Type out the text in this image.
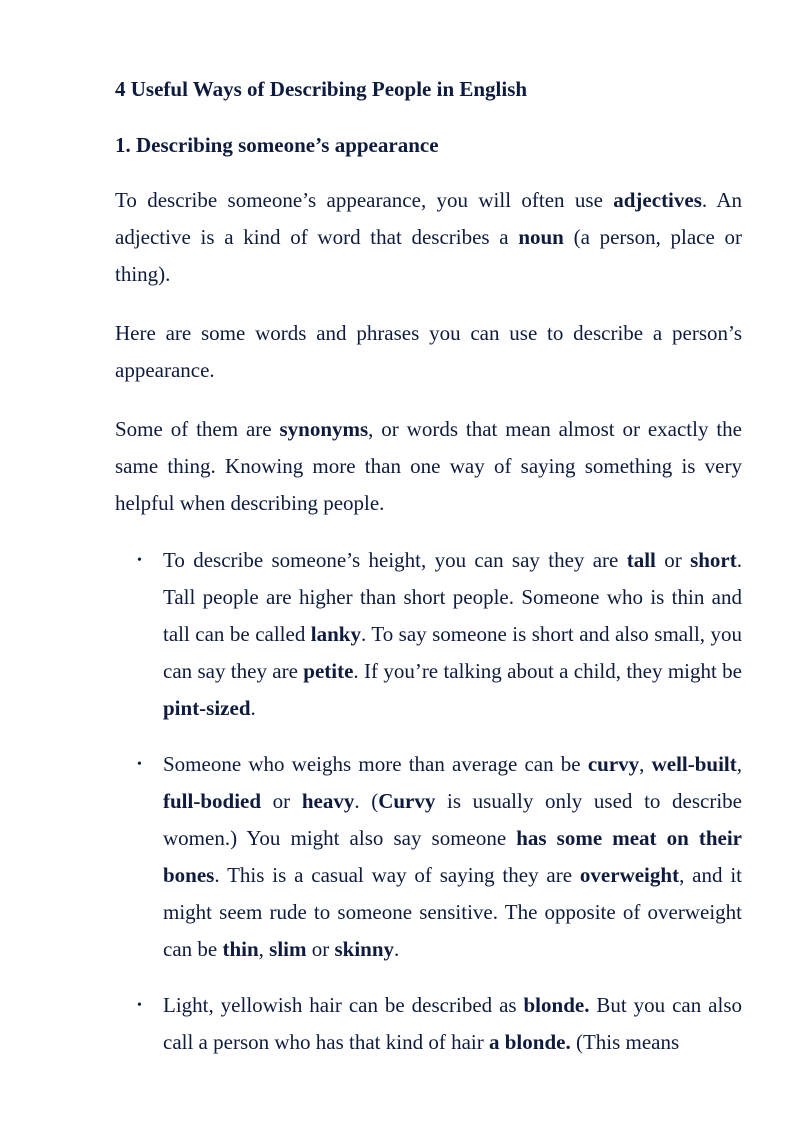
4 Useful Ways of Describing People in English
1. Describing someone’s appearance

To describe someone’s appearance, you will often use adjectives. An adjective is a kind of word that describes a noun (a person, place or thing).

Here are some words and phrases you can use to describe a person’s appearance.

Some of them are synonyms, or words that mean almost or exactly the same thing. Knowing more than one way of saying something is very helpful when describing people.

• To describe someone’s height, you can say they are tall or short. Tall people are higher than short people. Someone who is thin and tall can be called lanky. To say someone is short and also small, you can say they are petite. If you’re talking about a child, they might be pint-sized.
• Someone who weighs more than average can be curvy, well-built, full-bodied or heavy. (Curvy is usually only used to describe women.) You might also say someone has some meat on their bones. This is a casual way of saying they are overweight, and it might seem rude to someone sensitive. The opposite of overweight can be thin, slim or skinny.
• Light, yellowish hair can be described as blonde. But you can also call a person who has that kind of hair a blonde. (This means
